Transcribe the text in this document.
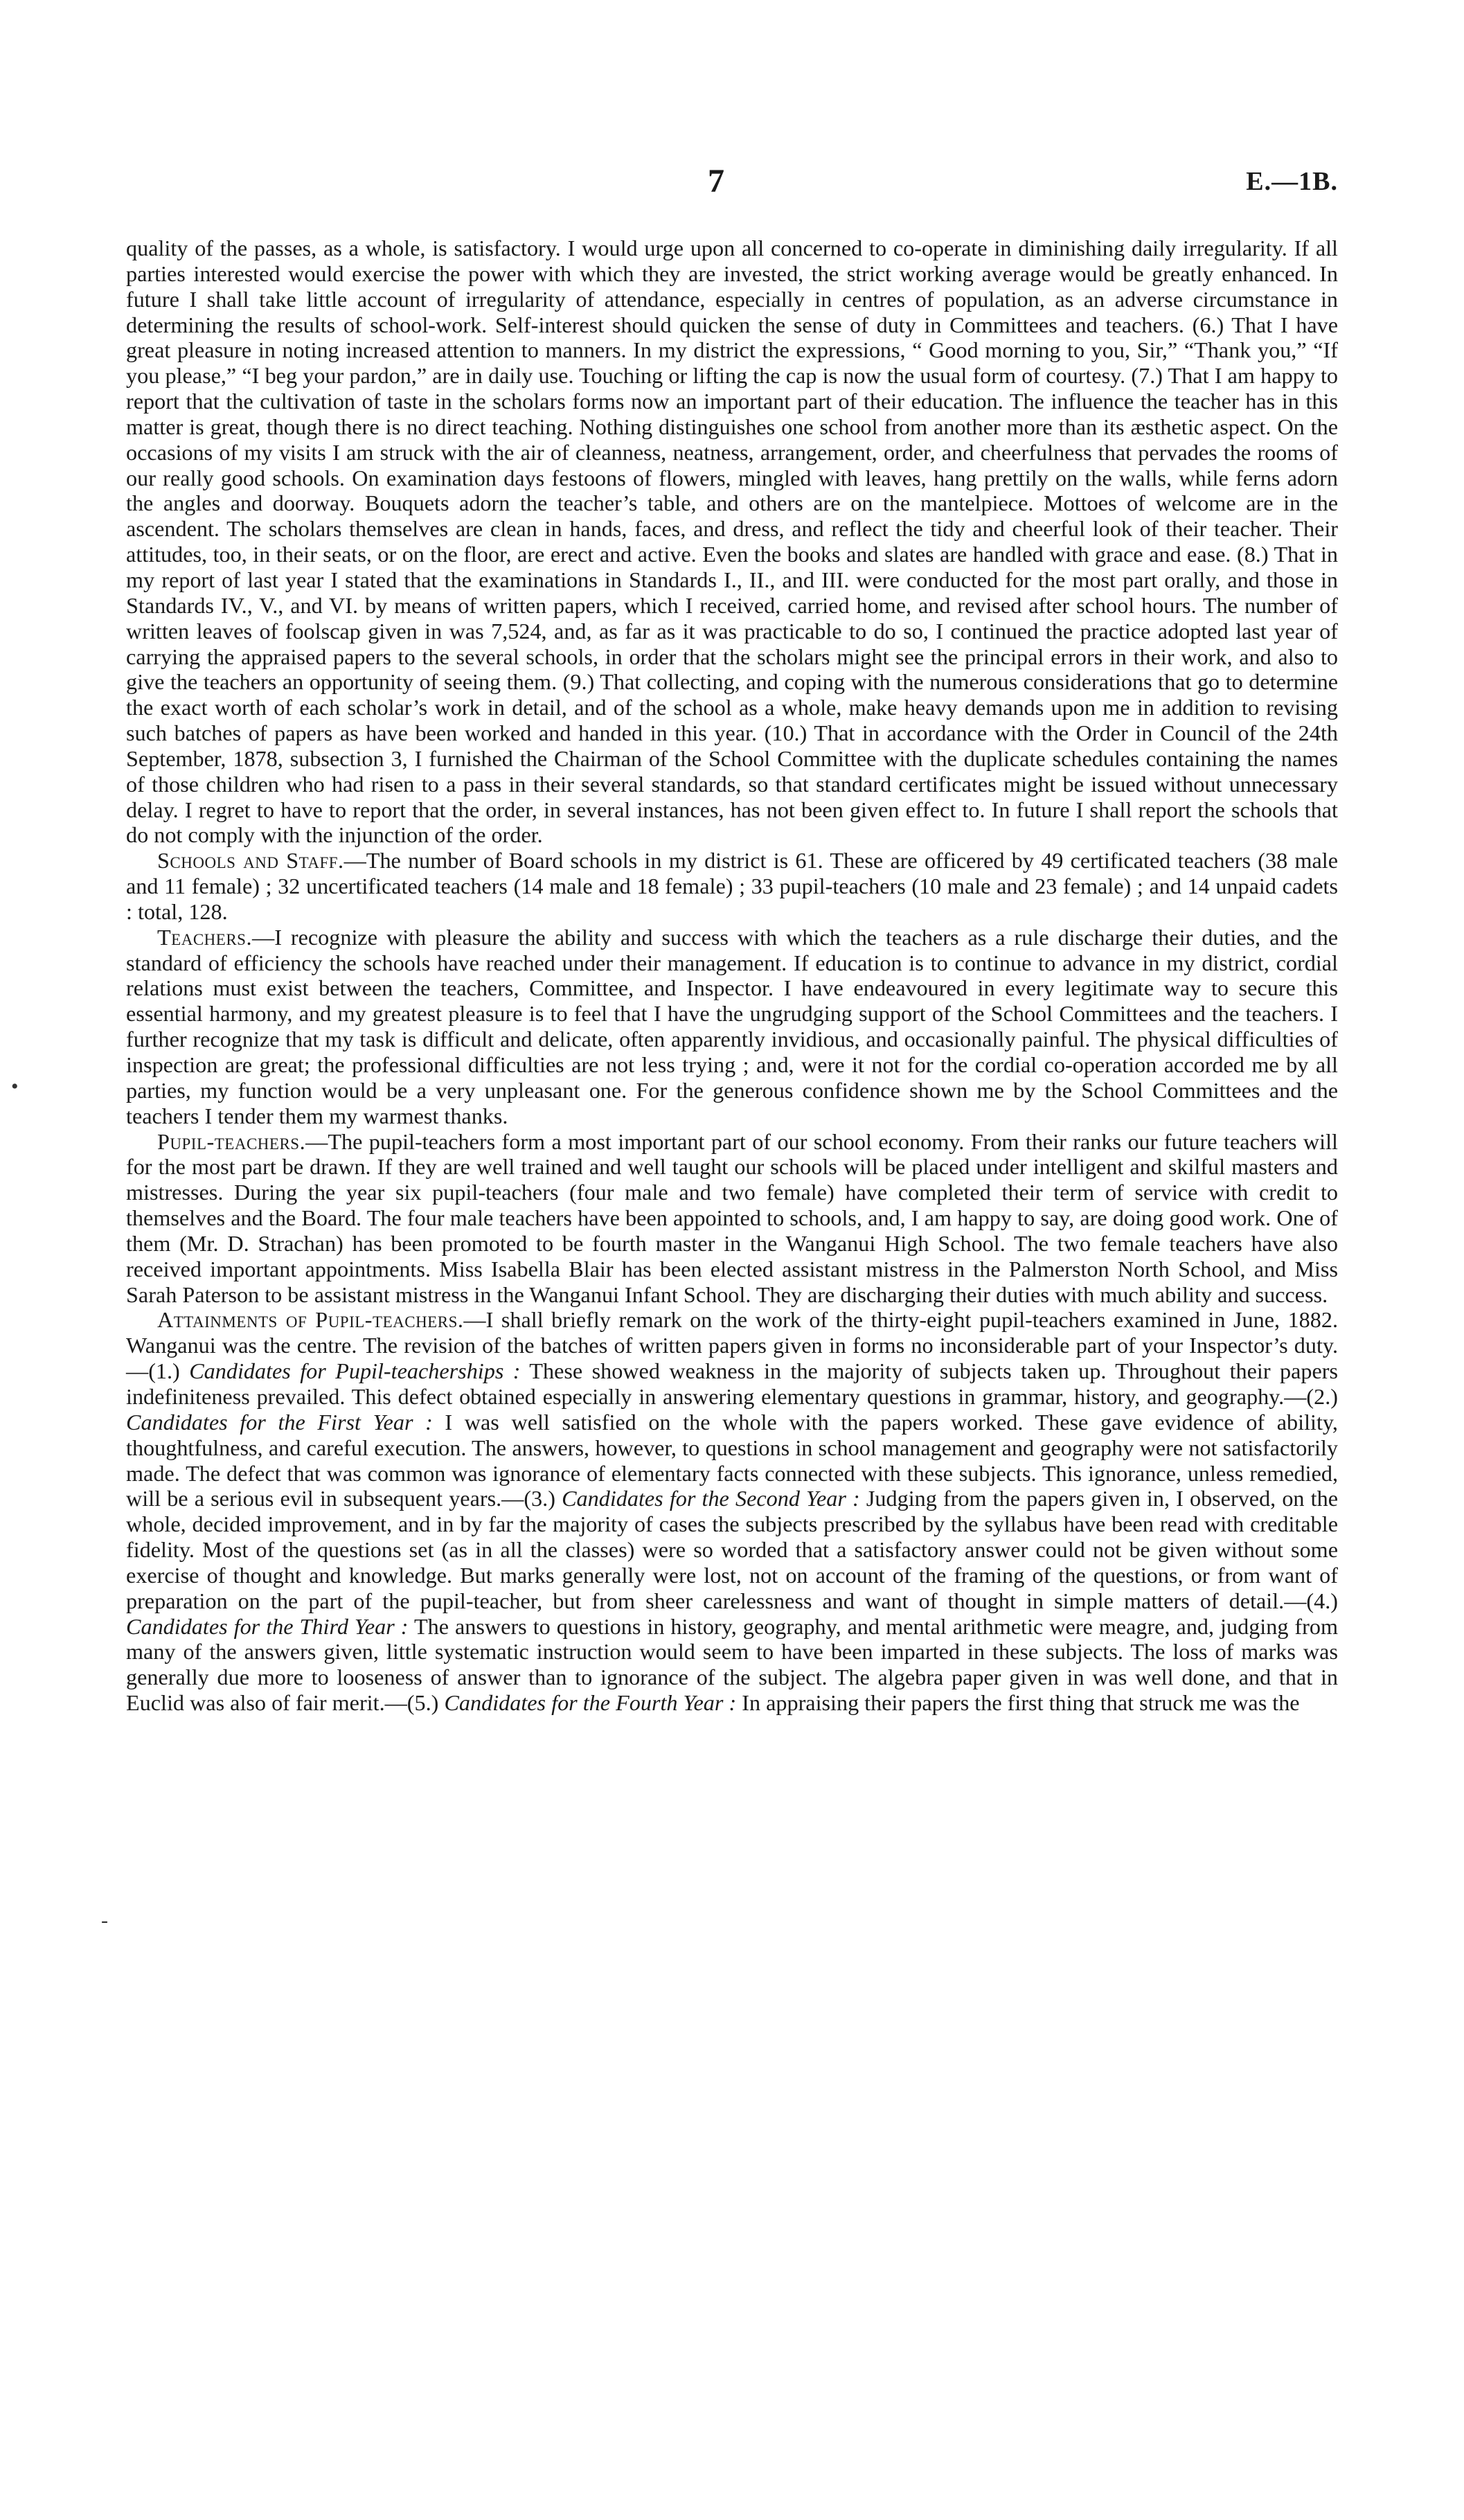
7	E.—1B.

quality of the passes, as a whole, is satisfactory. I would urge upon all concerned to co-operate in diminishing daily irregularity. If all parties interested would exercise the power with which they are invested, the strict working average would be greatly enhanced. In future I shall take little account of irregularity of attendance, especially in centres of population, as an adverse circumstance in determining the results of school-work. Self-interest should quicken the sense of duty in Committees and teachers. (6.) That I have great pleasure in noting increased attention to manners. In my district the expressions, “ Good morning to you, Sir,” “Thank you,” “If you please,” “I beg your pardon,” are in daily use. Touching or lifting the cap is now the usual form of courtesy. (7.) That I am happy to report that the cultivation of taste in the scholars forms now an important part of their education. The influence the teacher has in this matter is great, though there is no direct teaching. Nothing distinguishes one school from another more than its æsthetic aspect. On the occasions of my visits I am struck with the air of cleanness, neatness, arrangement, order, and cheerfulness that pervades the rooms of our really good schools. On examination days festoons of flowers, mingled with leaves, hang prettily on the walls, while ferns adorn the angles and doorway. Bouquets adorn the teacher’s table, and others are on the mantelpiece. Mottoes of welcome are in the ascendent. The scholars themselves are clean in hands, faces, and dress, and reflect the tidy and cheerful look of their teacher. Their attitudes, too, in their seats, or on the floor, are erect and active. Even the books and slates are handled with grace and ease. (8.) That in my report of last year I stated that the examinations in Standards I., II., and III. were conducted for the most part orally, and those in Standards IV., V., and VI. by means of written papers, which I received, carried home, and revised after school hours. The number of written leaves of foolscap given in was 7,524, and, as far as it was practicable to do so, I continued the practice adopted last year of carrying the appraised papers to the several schools, in order that the scholars might see the principal errors in their work, and also to give the teachers an opportunity of seeing them. (9.) That collecting, and coping with the numerous considerations that go to determine the exact worth of each scholar’s work in detail, and of the school as a whole, make heavy demands upon me in addition to revising such batches of papers as have been worked and handed in this year. (10.) That in accordance with the Order in Council of the 24th September, 1878, subsection 3, I furnished the Chairman of the School Committee with the duplicate schedules containing the names of those children who had risen to a pass in their several standards, so that standard certificates might be issued without unnecessary delay. I regret to have to report that the order, in several instances, has not been given effect to. In future I shall report the schools that do not comply with the injunction of the order.

Schools and Staff.—The number of Board schools in my district is 61. These are officered by 49 certificated teachers (38 male and 11 female) ; 32 uncertificated teachers (14 male and 18 female) ; 33 pupil-teachers (10 male and 23 female) ; and 14 unpaid cadets : total, 128.

Teachers.—I recognize with pleasure the ability and success with which the teachers as a rule discharge their duties, and the standard of efficiency the schools have reached under their management. If education is to continue to advance in my district, cordial relations must exist between the teachers, Committee, and Inspector. I have endeavoured in every legitimate way to secure this essential harmony, and my greatest pleasure is to feel that I have the ungrudging support of the School Committees and the teachers. I further recognize that my task is difficult and delicate, often apparently invidious, and occasionally painful. The physical difficulties of inspection are great; the professional difficulties are not less trying ; and, were it not for the cordial co-operation accorded me by all parties, my function would be a very unpleasant one. For the generous confidence shown me by the School Committees and the teachers I tender them my warmest thanks.

Pupil-teachers.—The pupil-teachers form a most important part of our school economy. From their ranks our future teachers will for the most part be drawn. If they are well trained and well taught our schools will be placed under intelligent and skilful masters and mistresses. During the year six pupil-teachers (four male and two female) have completed their term of service with credit to themselves and the Board. The four male teachers have been appointed to schools, and, I am happy to say, are doing good work. One of them (Mr. D. Strachan) has been promoted to be fourth master in the Wanganui High School. The two female teachers have also received important appointments. Miss Isabella Blair has been elected assistant mistress in the Palmerston North School, and Miss Sarah Paterson to be assistant mistress in the Wanganui Infant School. They are discharging their duties with much ability and success.

Attainments of Pupil-teachers.—I shall briefly remark on the work of the thirty-eight pupil-teachers examined in June, 1882. Wanganui was the centre. The revision of the batches of written papers given in forms no inconsiderable part of your Inspector’s duty.—(1.) Candidates for Pupil-teacherships : These showed weakness in the majority of subjects taken up. Throughout their papers indefiniteness prevailed. This defect obtained especially in answering elementary questions in grammar, history, and geography.—(2.) Candidates for the First Year : I was well satisfied on the whole with the papers worked. These gave evidence of ability, thoughtfulness, and careful execution. The answers, however, to questions in school management and geography were not satisfactorily made. The defect that was common was ignorance of elementary facts connected with these subjects. This ignorance, unless remedied, will be a serious evil in subsequent years.—(3.) Candidates for the Second Year : Judging from the papers given in, I observed, on the whole, decided improvement, and in by far the majority of cases the subjects prescribed by the syllabus have been read with creditable fidelity. Most of the questions set (as in all the classes) were so worded that a satisfactory answer could not be given without some exercise of thought and knowledge. But marks generally were lost, not on account of the framing of the questions, or from want of preparation on the part of the pupil-teacher, but from sheer carelessness and want of thought in simple matters of detail.—(4.) Candidates for the Third Year : The answers to questions in history, geography, and mental arithmetic were meagre, and, judging from many of the answers given, little systematic instruction would seem to have been imparted in these subjects. The loss of marks was generally due more to looseness of answer than to ignorance of the subject. The algebra paper given in was well done, and that in Euclid was also of fair merit.—(5.) Candidates for the Fourth Year : In appraising their papers the first thing that struck me was the

•
-
